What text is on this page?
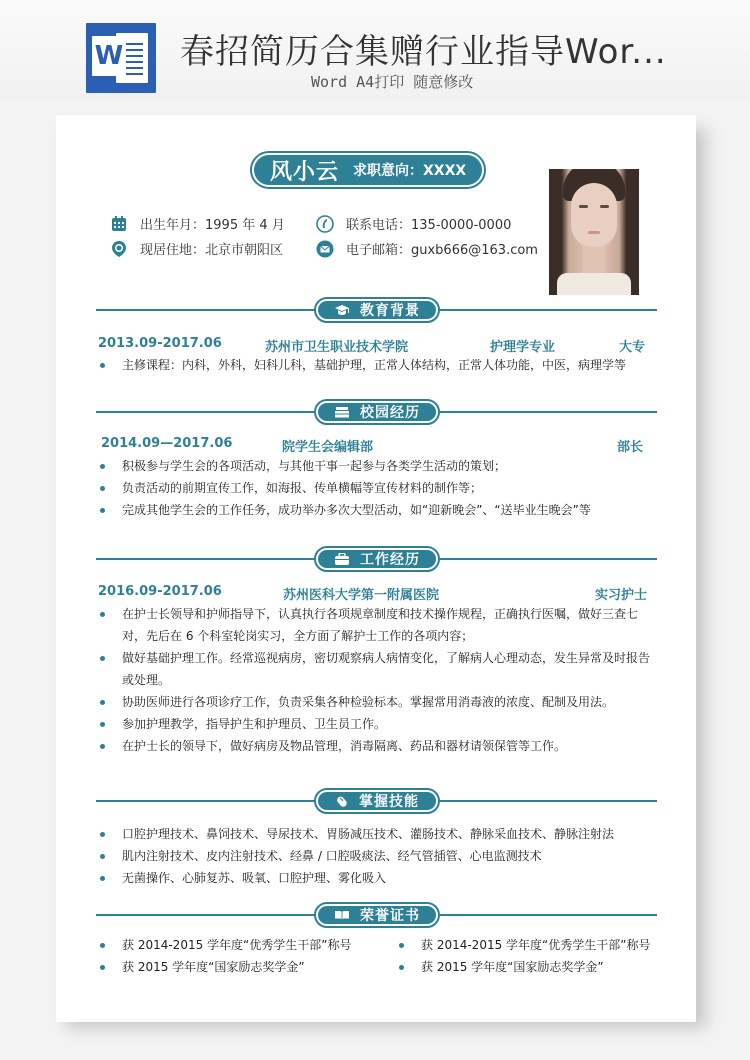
W 春招简历合集赠行业指导Wor...
Word A4打印 随意修改
风小云 求职意向：XXXX
出生年月：1995 年 4 月
现居住地：北京市朝阳区
联系电话：135-0000-0000
电子邮箱：guxb666@163.com
教育背景
2013.09-2017.06	苏州市卫生职业技术学院	护理学专业	大专
主修课程：内科，外科，妇科儿科，基础护理，正常人体结构，正常人体功能，中医，病理学等
校园经历
2014.09—2017.06	院学生会编辑部	部长
积极参与学生会的各项活动，与其他干事一起参与各类学生活动的策划；
负责活动的前期宣传工作，如海报、传单横幅等宣传材料的制作等；
完成其他学生会的工作任务，成功举办多次大型活动，如“迎新晚会”、“送毕业生晚会”等
工作经历
2016.09-2017.06	苏州医科大学第一附属医院	实习护士
在护士长领导和护师指导下，认真执行各项规章制度和技术操作规程，正确执行医嘱，做好三查七对，先后在 6 个科室轮岗实习，全方面了解护士工作的各项内容；
做好基础护理工作。经常巡视病房，密切观察病人病情变化，了解病人心理动态，发生异常及时报告或处理。
协助医师进行各项诊疗工作，负责采集各种检验标本。掌握常用消毒液的浓度、配制及用法。
参加护理教学，指导护生和护理员、卫生员工作。
在护士长的领导下，做好病房及物品管理，消毒隔离、药品和器材请领保管等工作。
掌握技能
口腔护理技术、鼻饲技术、导尿技术、胃肠减压技术、灌肠技术、静脉采血技术、静脉注射法
肌内注射技术、皮内注射技术、经鼻 / 口腔吸痰法、经气管插管、心电监测技术
无菌操作、心肺复苏、吸氧、口腔护理、雾化吸入
荣誉证书
获 2014-2015 学年度“优秀学生干部”称号
获 2015 学年度“国家励志奖学金”
获 2014-2015 学年度“优秀学生干部”称号
获 2015 学年度“国家励志奖学金”
